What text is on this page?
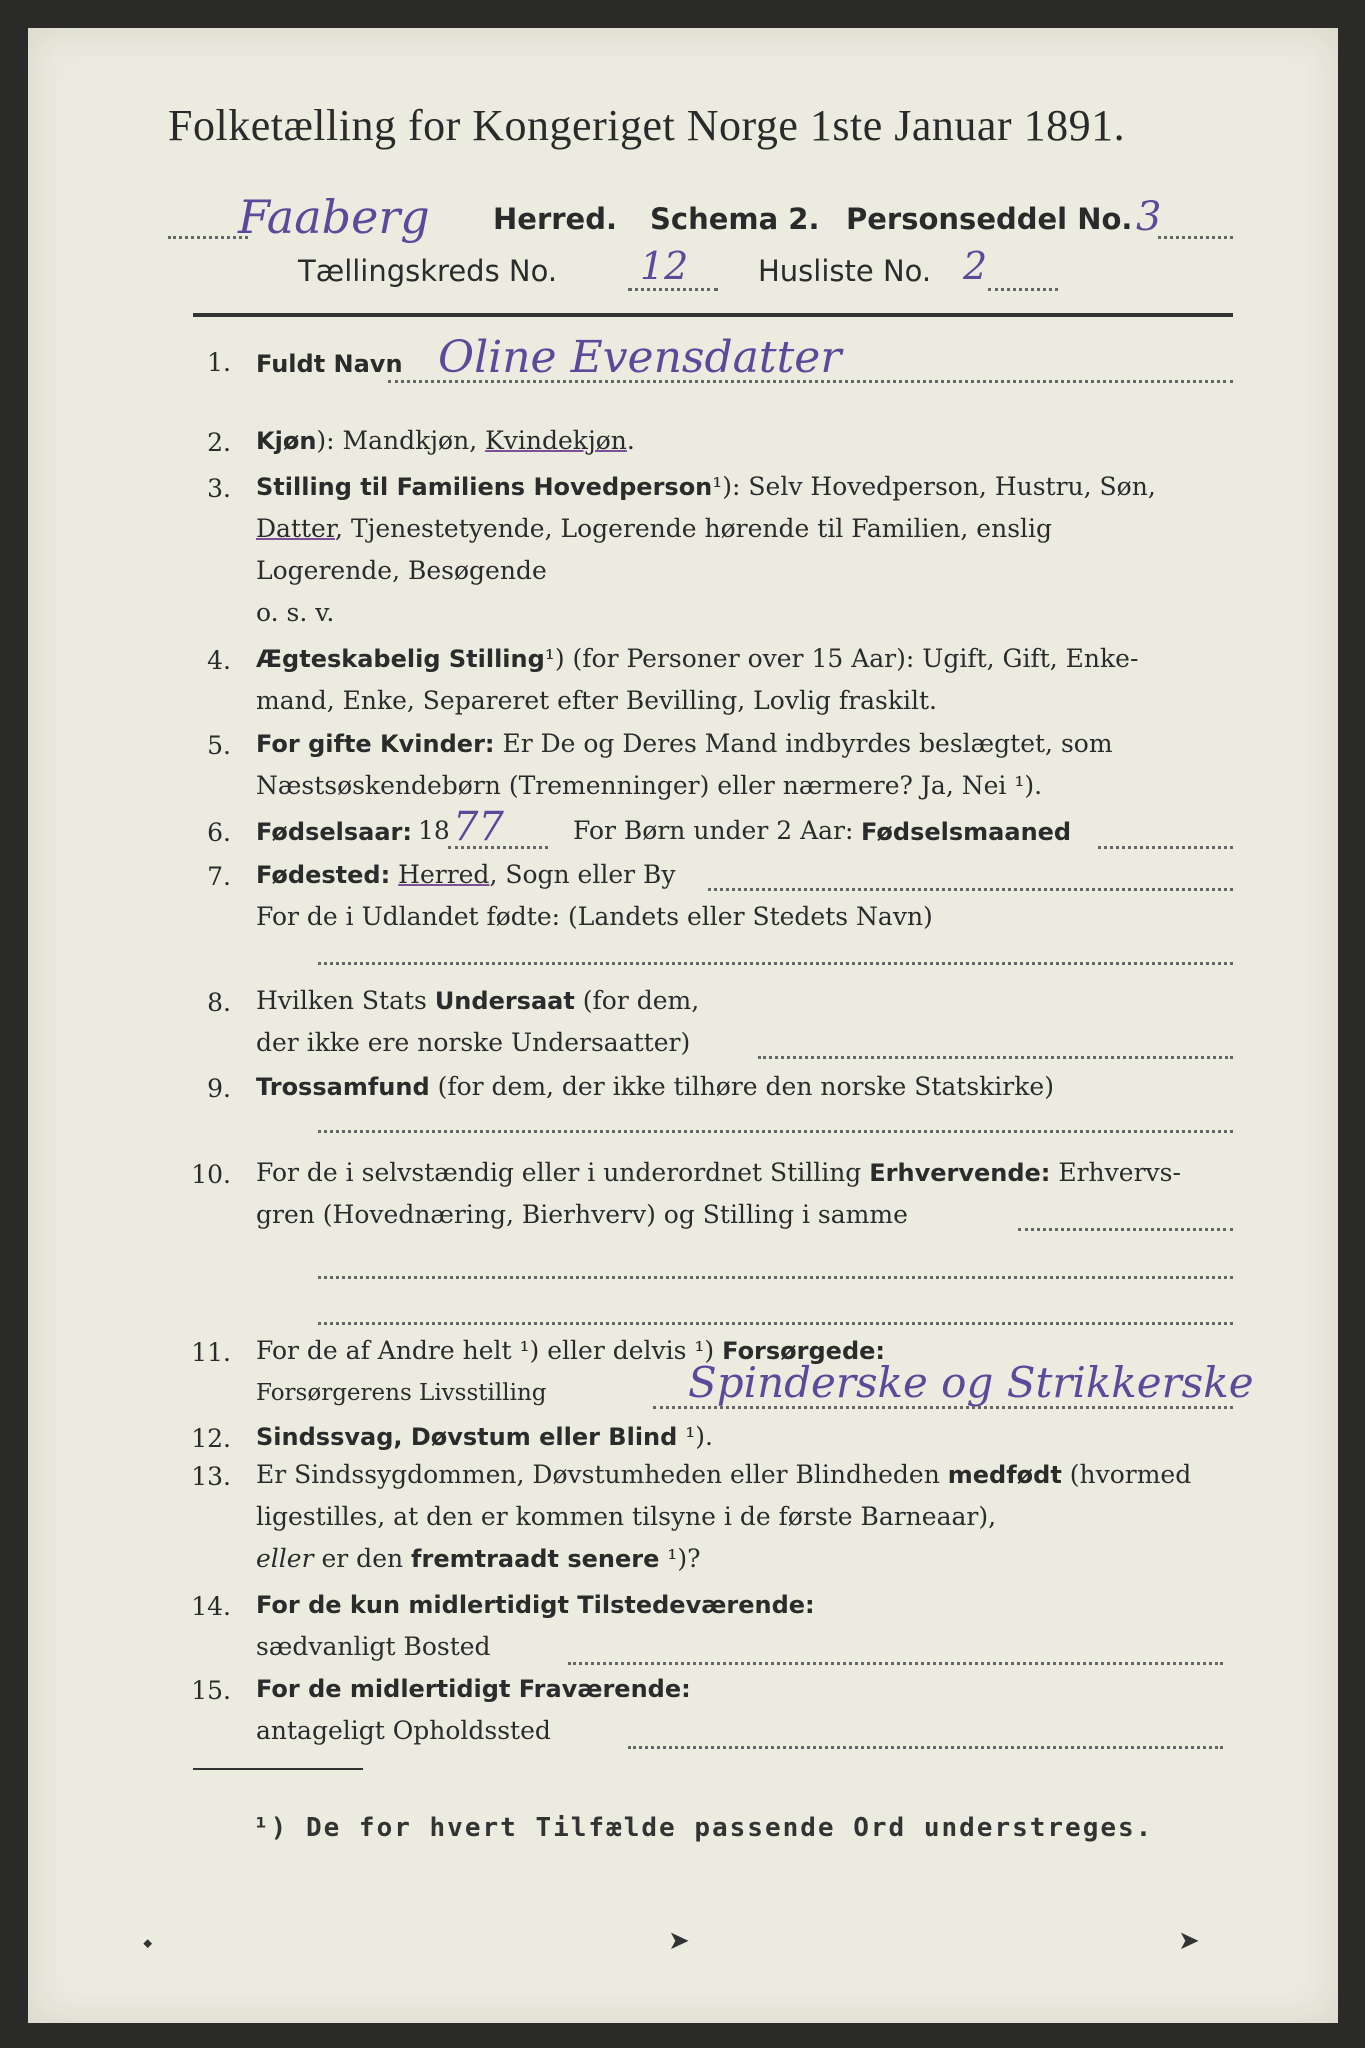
Folketælling for Kongeriget Norge 1ste Januar 1891.
Faaberg Herred. Schema 2. Personseddel No. 3
Tællingskreds No. 12 Husliste No. 2
1. Fuldt Navn Oline Evensdatter
2. Kjøn): Mandkjøn, Kvindekjøn.
3. Stilling til Familiens Hovedperson¹): Selv Hovedperson, Hustru, Søn,
Datter, Tjenestetyende, Logerende hørende til Familien, enslig
Logerende, Besøgende
o. s. v.
4. Ægteskabelig Stilling¹) (for Personer over 15 Aar): Ugift, Gift, Enke-
mand, Enke, Separeret efter Bevilling, Lovlig fraskilt.
5. For gifte Kvinder: Er De og Deres Mand indbyrdes beslægtet, som
Næstsøskendebørn (Tremenninger) eller nærmere? Ja, Nei ¹).
6. Fødselsaar: 18 77	For Børn under 2 Aar: Fødselsmaaned
7. Fødested: Herred, Sogn eller By
For de i Udlandet fødte: (Landets eller Stedets Navn)
8. Hvilken Stats Undersaat (for dem,
der ikke ere norske Undersaatter)
9. Trossamfund (for dem, der ikke tilhøre den norske Statskirke)
10. For de i selvstændig eller i underordnet Stilling Erhvervende: Erhvervs-
gren (Hovednæring, Bierhverv) og Stilling i samme
11. For de af Andre helt ¹) eller delvis ¹) Forsørgede:
Forsørgerens Livsstilling	Spinderske og Strikkerske
12. Sindssvag, Døvstum eller Blind ¹).
13. Er Sindssygdommen, Døvstumheden eller Blindheden medfødt (hvormed
ligestilles, at den er kommen tilsyne i de første Barneaar),
eller er den fremtraadt senere ¹)?
14. For de kun midlertidigt Tilstedeværende:
sædvanligt Bosted
15. For de midlertidigt Fraværende:
antageligt Opholdssted
¹) De for hvert Tilfælde passende Ord understreges.
⬩	➤	➤
